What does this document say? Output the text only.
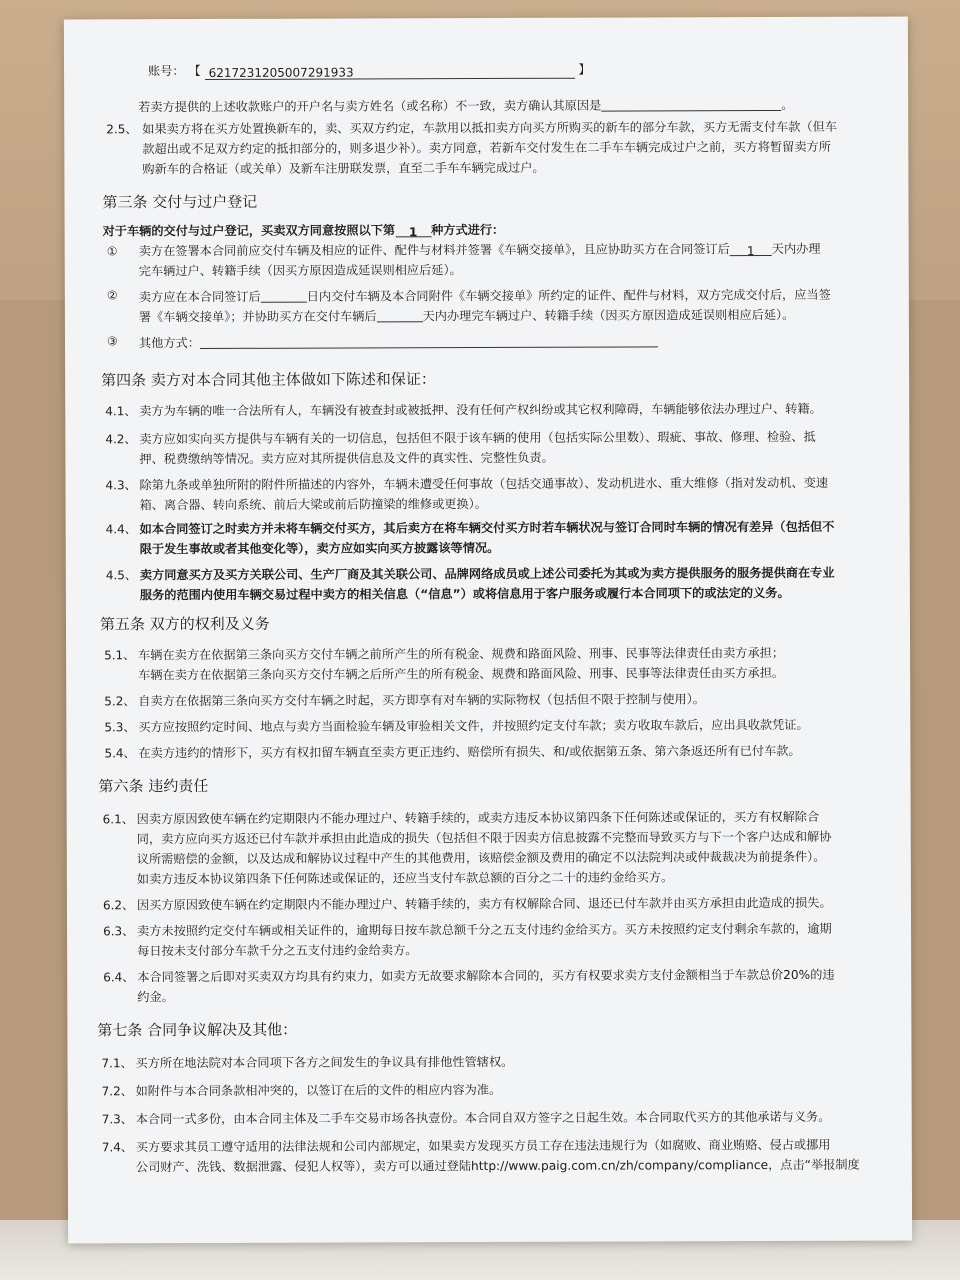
账号： 【 6217231205007291933	】
若卖方提供的上述收款账户的开户名与卖方姓名（或名称）不一致，卖方确认其原因是	。
2.5、 如果卖方将在买方处置换新车的，卖、买双方约定，车款用以抵扣卖方向买方所购买的新车的部分车款，买方无需支付车款（但车
款超出或不足双方约定的抵扣部分的，则多退少补）。卖方同意，若新车交付发生在二手车车辆完成过户之前，买方将暂留卖方所
购新车的合格证（或关单）及新车注册联发票，直至二手车车辆完成过户。
第三条 交付与过户登记
对于车辆的交付与过户登记，买卖双方同意按照以下第 1 种方式进行：
① 卖方在签署本合同前应交付车辆及相应的证件、配件与材料并签署《车辆交接单》，且应协助买方在合同签订后 1 天内办理
完车辆过户、转籍手续（因买方原因造成延误则相应后延）。
② 卖方应在本合同签订后	日内交付车辆及本合同附件《车辆交接单》所约定的证件、配件与材料，双方完成交付后，应当签
署《车辆交接单》；并协助买方在交付车辆后	天内办理完车辆过户、转籍手续（因买方原因造成延误则相应后延）。
③ 其他方式：
第四条 卖方对本合同其他主体做如下陈述和保证：
4.1、 卖方为车辆的唯一合法所有人，车辆没有被查封或被抵押、没有任何产权纠纷或其它权利障碍，车辆能够依法办理过户、转籍。
4.2、 卖方应如实向买方提供与车辆有关的一切信息，包括但不限于该车辆的使用（包括实际公里数）、瑕疵、事故、修理、检验、抵
押、税费缴纳等情况。卖方应对其所提供信息及文件的真实性、完整性负责。
4.3、 除第九条或单独所附的附件所描述的内容外，车辆未遭受任何事故（包括交通事故）、发动机进水、重大维修（指对发动机、变速
箱、离合器、转向系统、前后大梁或前后防撞梁的维修或更换）。
4.4、 如本合同签订之时卖方并未将车辆交付买方，其后卖方在将车辆交付买方时若车辆状况与签订合同时车辆的情况有差异（包括但不
限于发生事故或者其他变化等），卖方应如实向买方披露该等情况。
4.5、 卖方同意买方及买方关联公司、生产厂商及其关联公司、品牌网络成员或上述公司委托为其或为卖方提供服务的服务提供商在专业
服务的范围内使用车辆交易过程中卖方的相关信息（“信息”）或将信息用于客户服务或履行本合同项下的或法定的义务。
第五条 双方的权利及义务
5.1、 车辆在卖方在依据第三条向买方交付车辆之前所产生的所有税金、规费和路面风险、刑事、民事等法律责任由卖方承担；
车辆在卖方在依据第三条向买方交付车辆之后所产生的所有税金、规费和路面风险、刑事、民事等法律责任由买方承担。
5.2、 自卖方在依据第三条向买方交付车辆之时起，买方即享有对车辆的实际物权（包括但不限于控制与使用）。
5.3、 买方应按照约定时间、地点与卖方当面检验车辆及审验相关文件，并按照约定支付车款；卖方收取车款后，应出具收款凭证。
5.4、 在卖方违约的情形下，买方有权扣留车辆直至卖方更正违约、赔偿所有损失、和/或依据第五条、第六条返还所有已付车款。
第六条 违约责任
6.1、 因卖方原因致使车辆在约定期限内不能办理过户、转籍手续的，或卖方违反本协议第四条下任何陈述或保证的，买方有权解除合
同，卖方应向买方返还已付车款并承担由此造成的损失（包括但不限于因卖方信息披露不完整而导致买方与下一个客户达成和解协
议所需赔偿的金额，以及达成和解协议过程中产生的其他费用，该赔偿金额及费用的确定不以法院判决或仲裁裁决为前提条件）。
如卖方违反本协议第四条下任何陈述或保证的，还应当支付车款总额的百分之二十的违约金给买方。
6.2、 因买方原因致使车辆在约定期限内不能办理过户、转籍手续的，卖方有权解除合同、退还已付车款并由买方承担由此造成的损失。
6.3、 卖方未按照约定交付车辆或相关证件的，逾期每日按车款总额千分之五支付违约金给买方。买方未按照约定支付剩余车款的，逾期
每日按未支付部分车款千分之五支付违约金给卖方。
6.4、 本合同签署之后即对买卖双方均具有约束力，如卖方无故要求解除本合同的，买方有权要求卖方支付金额相当于车款总价20%的违
约金。
第七条 合同争议解决及其他：
7.1、 买方所在地法院对本合同项下各方之间发生的争议具有排他性管辖权。
7.2、 如附件与本合同条款相冲突的，以签订在后的文件的相应内容为准。
7.3、 本合同一式多份，由本合同主体及二手车交易市场各执壹份。本合同自双方签字之日起生效。本合同取代买方的其他承诺与义务。
7.4、 买方要求其员工遵守适用的法律法规和公司内部规定，如果卖方发现买方员工存在违法违规行为（如腐败、商业贿赂、侵占或挪用
公司财产、洗钱、数据泄露、侵犯人权等），卖方可以通过登陆http://www.paig.com.cn/zh/company/compliance，点击“举报制度
